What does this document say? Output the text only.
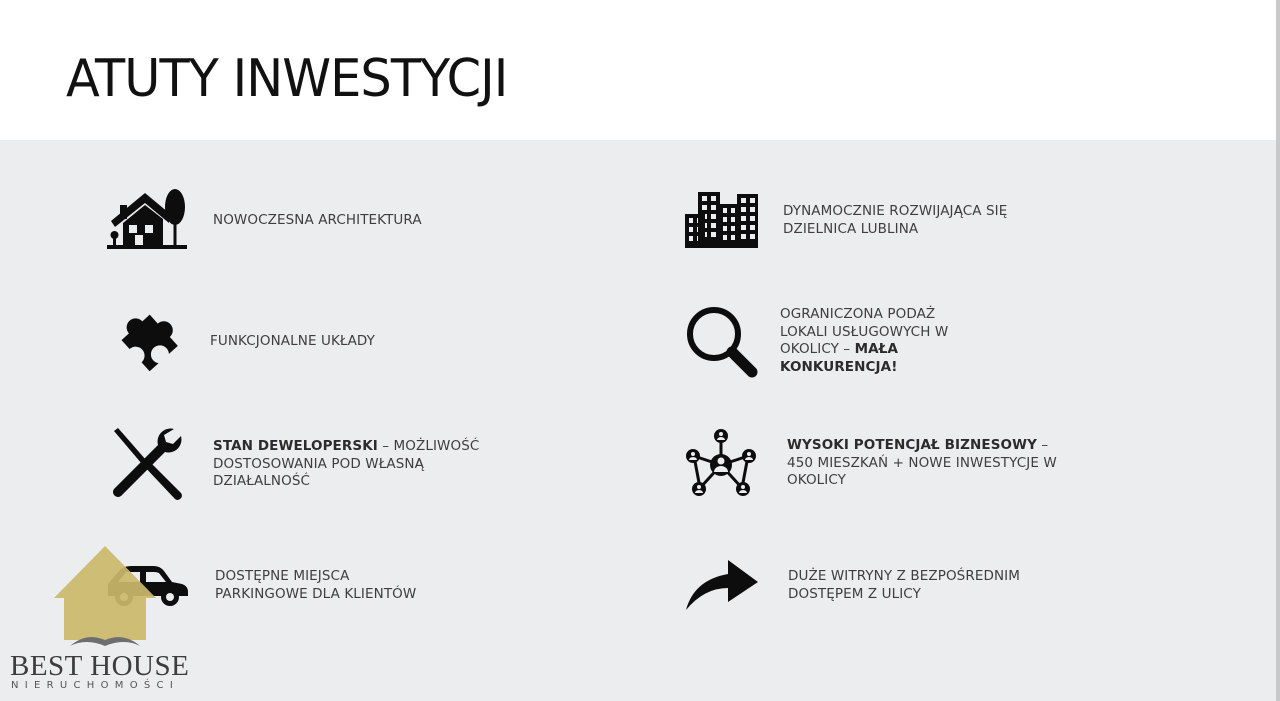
ATUTY INWESTYCJI

NOWOCZESNA ARCHITEKTURA

DYNAMOCZNIE ROZWIJAJĄCA SIĘ
DZIELNICA LUBLINA

FUNKCJONALNE UKŁADY

OGRANICZONA PODAŻ
LOKALI USŁUGOWYCH W
OKOLICY – MAŁA
KONKURENCJA!

STAN DEWELOPERSKI – MOŻLIWOŚĆ
DOSTOSOWANIA POD WŁASNĄ
DZIAŁALNOŚĆ

WYSOKI POTENCJAŁ BIZNESOWY –
450 MIESZKAŃ + NOWE INWESTYCJE W
OKOLICY

DOSTĘPNE MIEJSCA
PARKINGOWE DLA KLIENTÓW

DUŻE WITRYNY Z BEZPOŚREDNIM
DOSTĘPEM Z ULICY

BEST HOUSE

NIERUCHOMOŚCI
